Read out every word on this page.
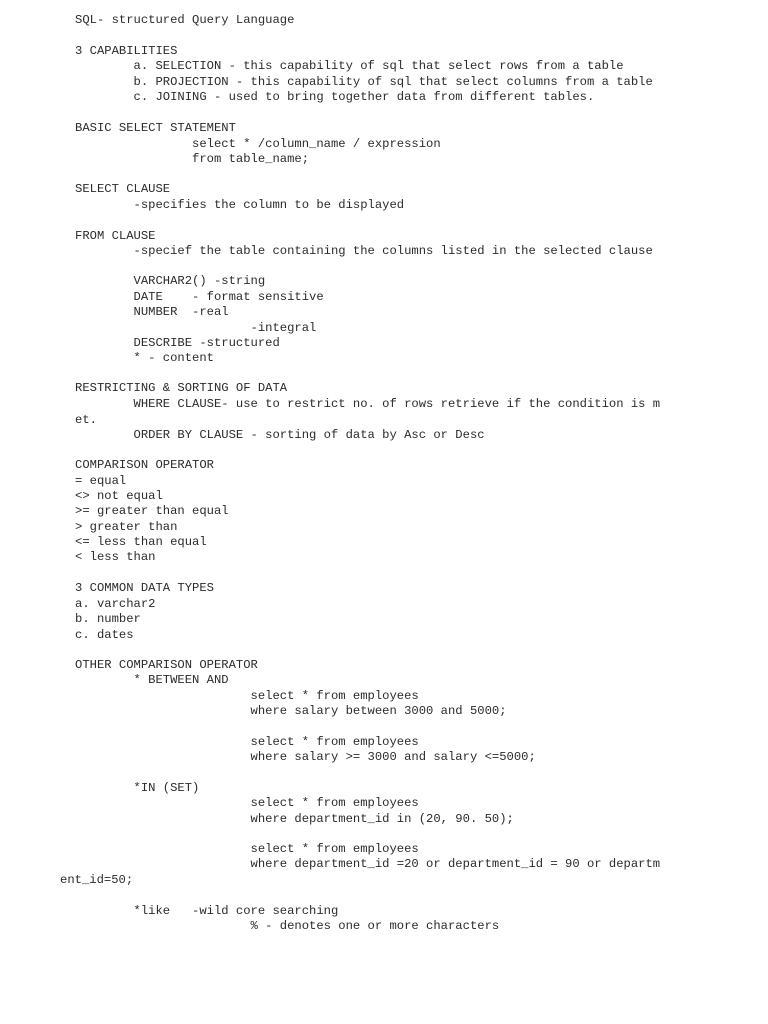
SQL- structured Query Language
3 CAPABILITIES
a. SELECTION - this capability of sql that select rows from a table
b. PROJECTION - this capability of sql that select columns from a table
c. JOINING - used to bring together data from different tables.
BASIC SELECT STATEMENT
select * /column_name / expression
from table_name;
SELECT CLAUSE
-specifies the column to be displayed
FROM CLAUSE
-specief the table containing the columns listed in the selected clause
VARCHAR2() -string
DATE    - format sensitive
NUMBER  -real
-integral
DESCRIBE -structured
* - content
RESTRICTING & SORTING OF DATA
WHERE CLAUSE- use to restrict no. of rows retrieve if the condition is m
et.
ORDER BY CLAUSE - sorting of data by Asc or Desc
COMPARISON OPERATOR
= equal
<> not equal
>= greater than equal
> greater than
<= less than equal
< less than
3 COMMON DATA TYPES
a. varchar2
b. number
c. dates
OTHER COMPARISON OPERATOR
* BETWEEN AND
select * from employees
where salary between 3000 and 5000;
select * from employees
where salary >= 3000 and salary <=5000;
*IN (SET)
select * from employees
where department_id in (20, 90. 50);
select * from employees
where department_id =20 or department_id = 90 or departm
ent_id=50;
*like   -wild core searching
% - denotes one or more characters
